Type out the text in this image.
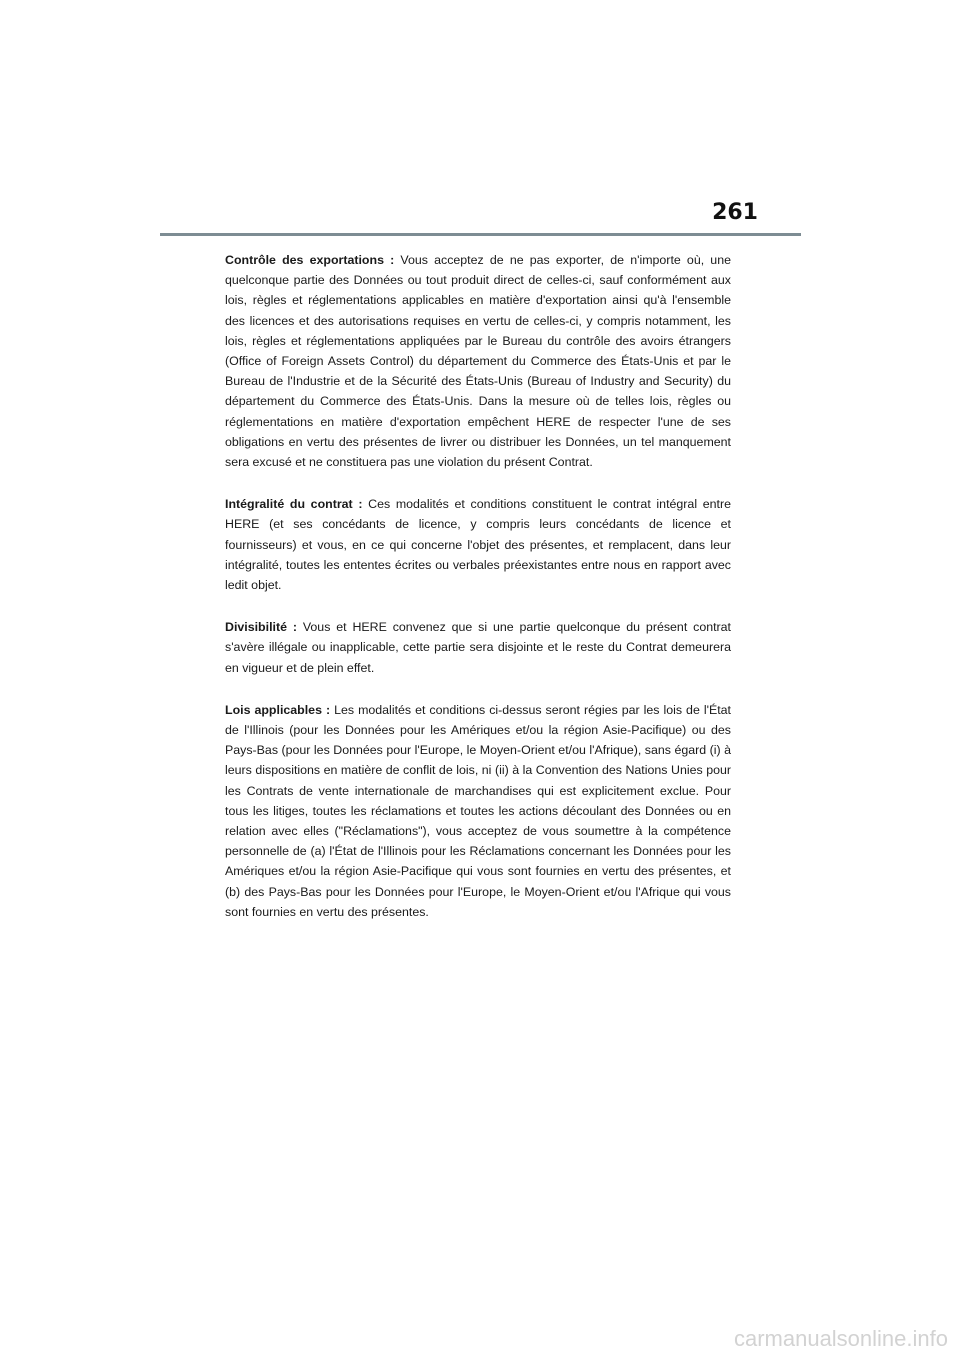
261

Contrôle des exportations : Vous acceptez de ne pas exporter, de n'importe où, une quelconque partie des Données ou tout produit direct de celles-ci, sauf conformément aux lois, règles et réglementations applicables en matière d'exportation ainsi qu'à l'ensemble des licences et des autorisations requises en vertu de celles-ci, y compris notamment, les lois, règles et réglementations appliquées par le Bureau du contrôle des avoirs étrangers (Office of Foreign Assets Control) du département du Commerce des États-Unis et par le Bureau de l'Industrie et de la Sécurité des États-Unis (Bureau of Industry and Security) du département du Commerce des États-Unis. Dans la mesure où de telles lois, règles ou réglementations en matière d'exportation empêchent HERE de respecter l'une de ses obligations en vertu des présentes de livrer ou distribuer les Données, un tel manquement sera excusé et ne constituera pas une violation du présent Contrat.

Intégralité du contrat : Ces modalités et conditions constituent le contrat intégral entre HERE (et ses concédants de licence, y compris leurs concédants de licence et fournisseurs) et vous, en ce qui concerne l'objet des présentes, et remplacent, dans leur intégralité, toutes les ententes écrites ou verbales préexistantes entre nous en rapport avec ledit objet.

Divisibilité : Vous et HERE convenez que si une partie quelconque du présent contrat s'avère illégale ou inapplicable, cette partie sera disjointe et le reste du Contrat demeurera en vigueur et de plein effet.

Lois applicables : Les modalités et conditions ci-dessus seront régies par les lois de l'État de l'Illinois (pour les Données pour les Amériques et/ou la région Asie-Pacifique) ou des Pays-Bas (pour les Données pour l'Europe, le Moyen-Orient et/ou l'Afrique), sans égard (i) à leurs dispositions en matière de conflit de lois, ni (ii) à la Convention des Nations Unies pour les Contrats de vente internationale de marchandises qui est explicitement exclue. Pour tous les litiges, toutes les réclamations et toutes les actions découlant des Données ou en relation avec elles ("Réclamations"), vous acceptez de vous soumettre à la compétence personnelle de (a) l'État de l'Illinois pour les Réclamations concernant les Données pour les Amériques et/ou la région Asie-Pacifique qui vous sont fournies en vertu des présentes, et (b) des Pays-Bas pour les Données pour l'Europe, le Moyen-Orient et/ou l'Afrique qui vous sont fournies en vertu des présentes.

carmanualsonline.info
